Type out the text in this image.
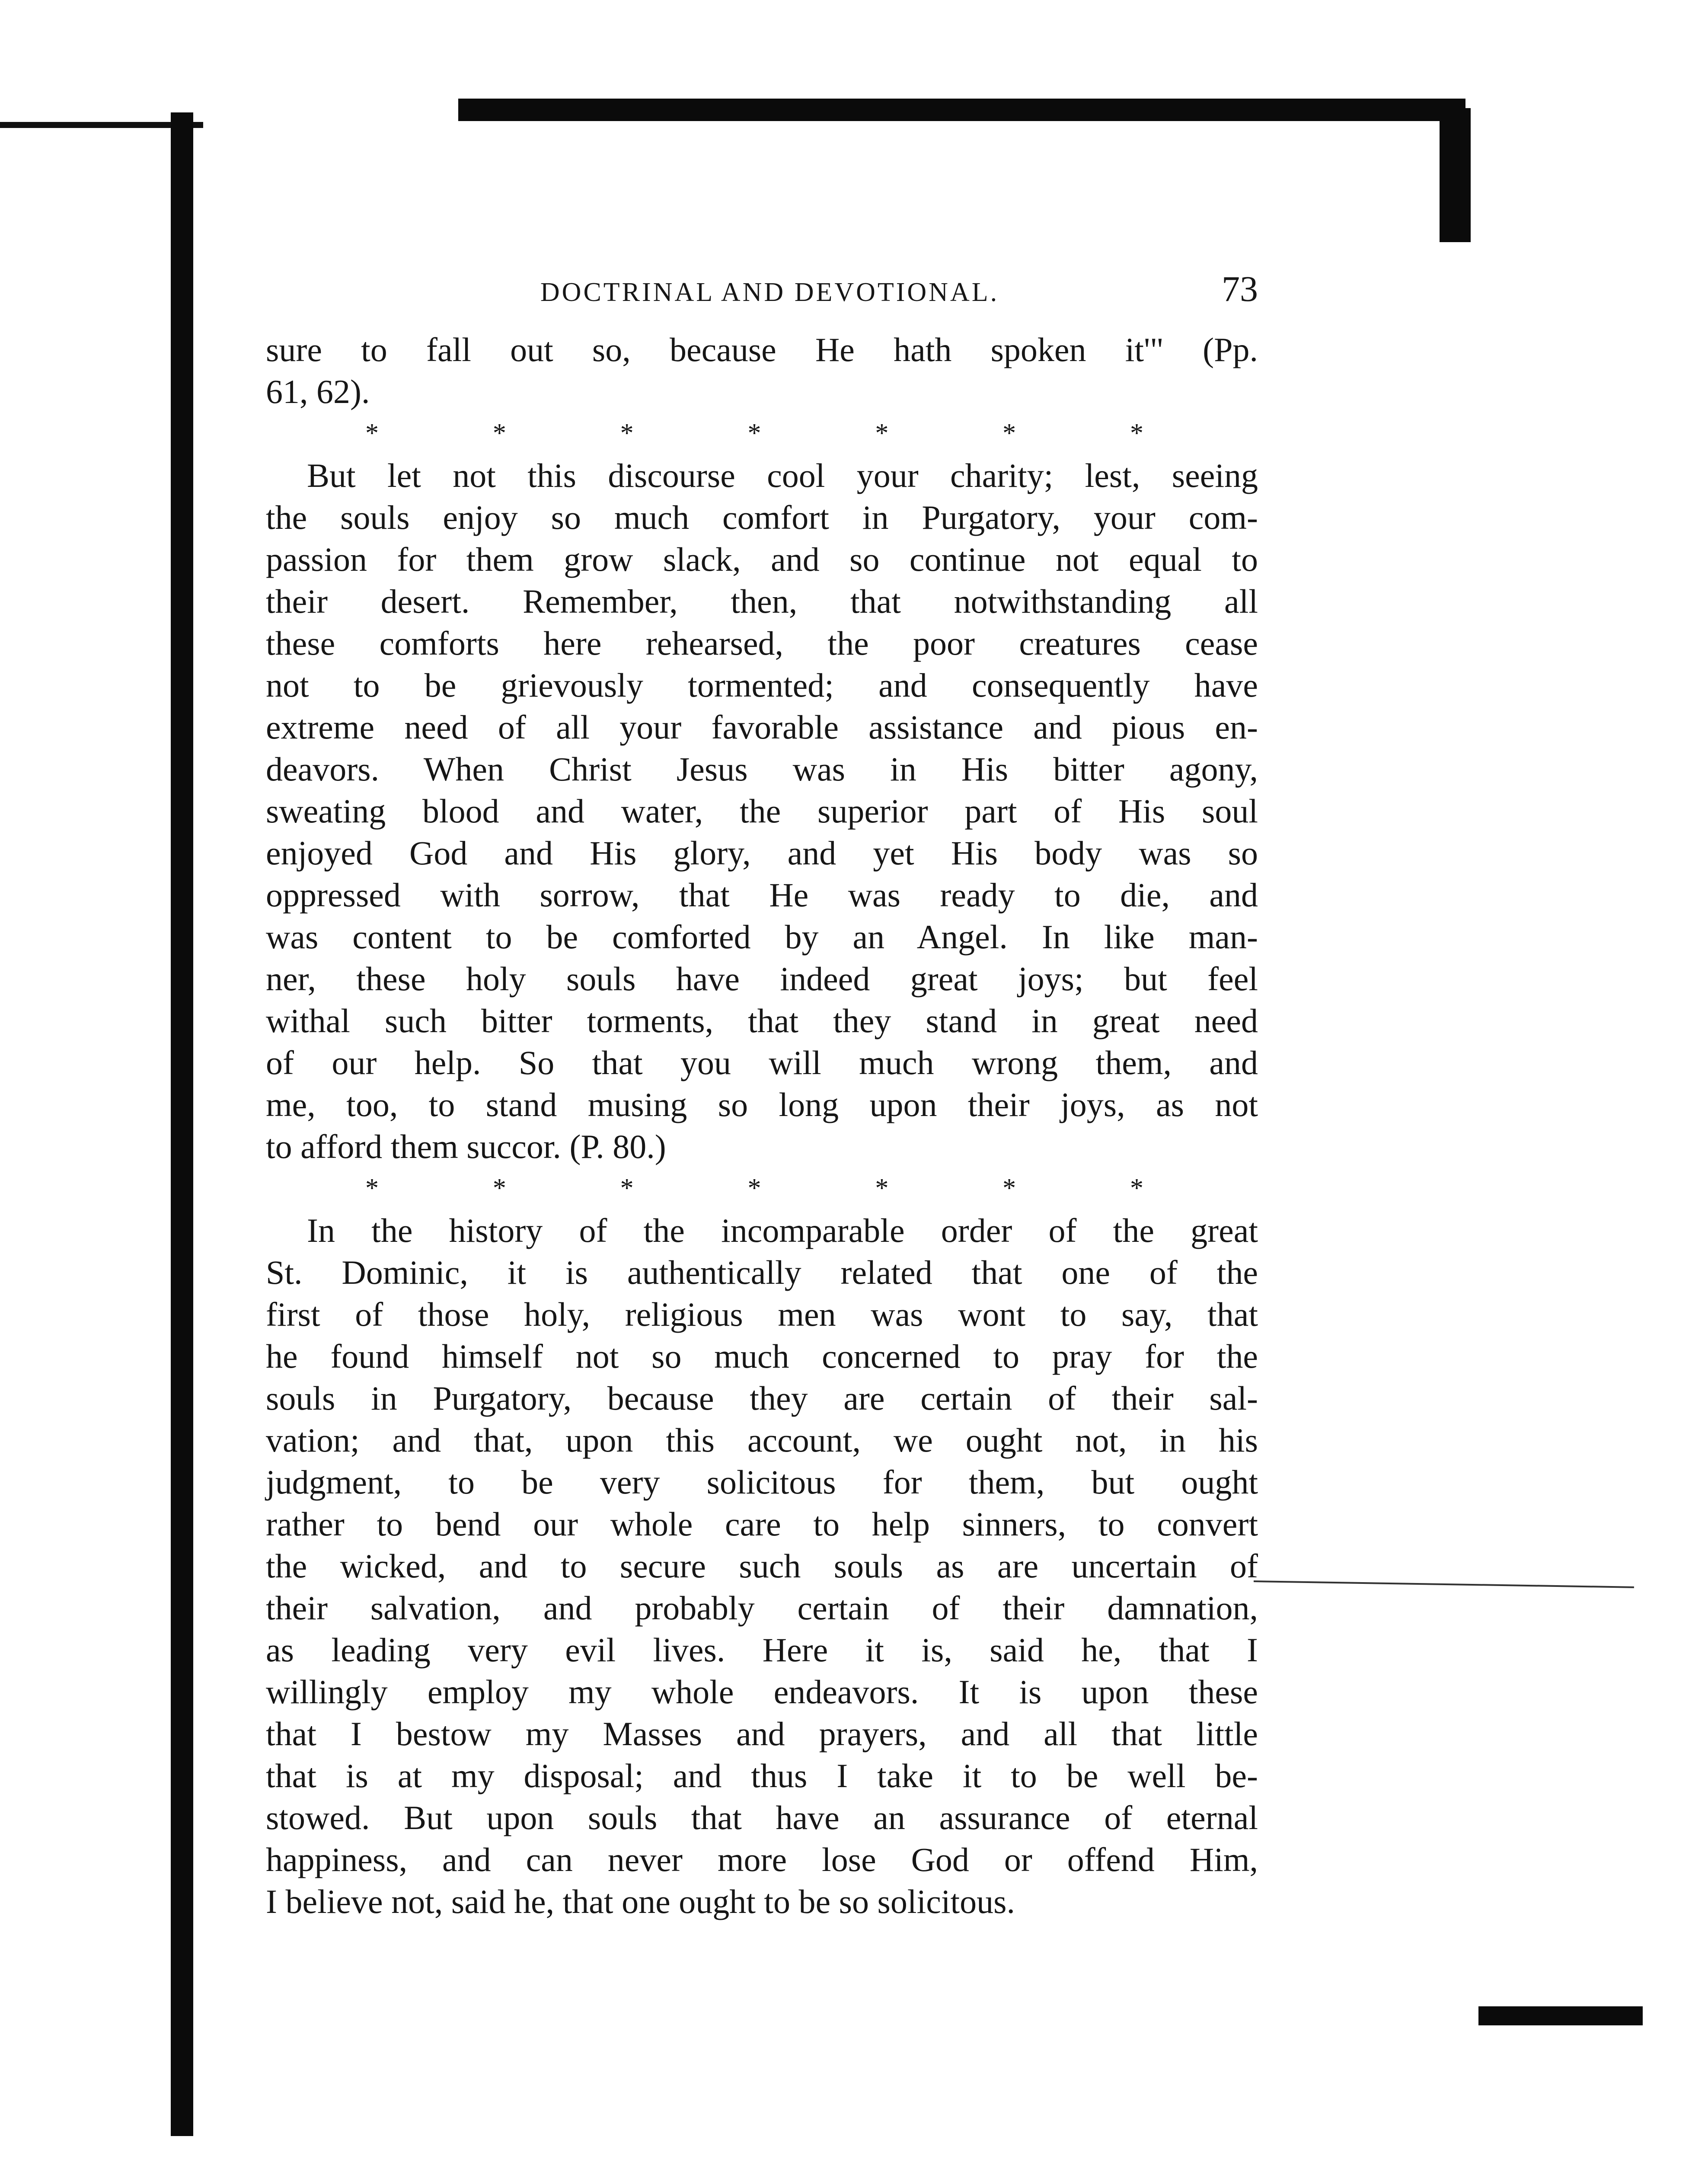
DOCTRINAL AND DEVOTIONAL.	73
sure to fall out so, because He hath spoken it'" (Pp.
61, 62).
*	*	*	*	*	*	*
But let not this discourse cool your charity; lest, seeing
the souls enjoy so much comfort in Purgatory, your com-
passion for them grow slack, and so continue not equal to
their desert. Remember, then, that notwithstanding all
these comforts here rehearsed, the poor creatures cease
not to be grievously tormented; and consequently have
extreme need of all your favorable assistance and pious en-
deavors. When Christ Jesus was in His bitter agony,
sweating blood and water, the superior part of His soul
enjoyed God and His glory, and yet His body was so
oppressed with sorrow, that He was ready to die, and
was content to be comforted by an Angel. In like man-
ner, these holy souls have indeed great joys; but feel
withal such bitter torments, that they stand in great need
of our help. So that you will much wrong them, and
me, too, to stand musing so long upon their joys, as not
to afford them succor. (P. 80.)
*	*	*	*	*	*	*
In the history of the incomparable order of the great
St. Dominic, it is authentically related that one of the
first of those holy, religious men was wont to say, that
he found himself not so much concerned to pray for the
souls in Purgatory, because they are certain of their sal-
vation; and that, upon this account, we ought not, in his
judgment, to be very solicitous for them, but ought
rather to bend our whole care to help sinners, to convert
the wicked, and to secure such souls as are uncertain of
their salvation, and probably certain of their damnation,
as leading very evil lives. Here it is, said he, that I
willingly employ my whole endeavors. It is upon these
that I bestow my Masses and prayers, and all that little
that is at my disposal; and thus I take it to be well be-
stowed. But upon souls that have an assurance of eternal
happiness, and can never more lose God or offend Him,
I believe not, said he, that one ought to be so solicitous.
